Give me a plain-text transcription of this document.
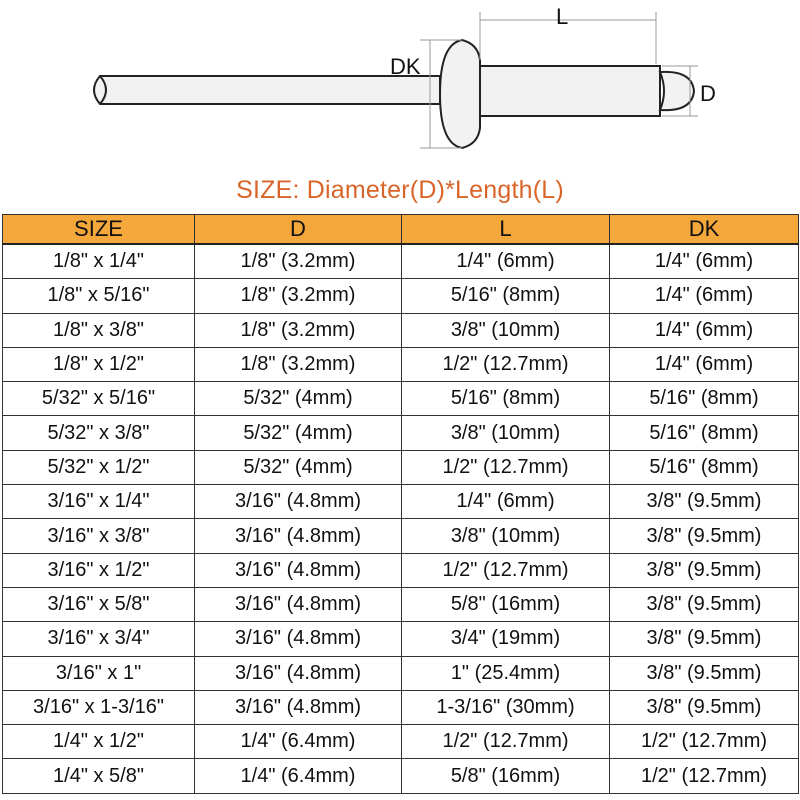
L
DK
D
SIZE: Diameter(D)*Length(L)
SIZE	D	L	DK
1/8" x 1/4"	1/8" (3.2mm)	1/4" (6mm)	1/4" (6mm)
1/8" x 5/16"	1/8" (3.2mm)	5/16" (8mm)	1/4" (6mm)
1/8" x 3/8"	1/8" (3.2mm)	3/8" (10mm)	1/4" (6mm)
1/8" x 1/2"	1/8" (3.2mm)	1/2" (12.7mm)	1/4" (6mm)
5/32" x 5/16"	5/32" (4mm)	5/16" (8mm)	5/16" (8mm)
5/32" x 3/8"	5/32" (4mm)	3/8" (10mm)	5/16" (8mm)
5/32" x 1/2"	5/32" (4mm)	1/2" (12.7mm)	5/16" (8mm)
3/16" x 1/4"	3/16" (4.8mm)	1/4" (6mm)	3/8" (9.5mm)
3/16" x 3/8"	3/16" (4.8mm)	3/8" (10mm)	3/8" (9.5mm)
3/16" x 1/2"	3/16" (4.8mm)	1/2" (12.7mm)	3/8" (9.5mm)
3/16" x 5/8"	3/16" (4.8mm)	5/8" (16mm)	3/8" (9.5mm)
3/16" x 3/4"	3/16" (4.8mm)	3/4" (19mm)	3/8" (9.5mm)
3/16" x 1"	3/16" (4.8mm)	1" (25.4mm)	3/8" (9.5mm)
3/16" x 1-3/16"	3/16" (4.8mm)	1-3/16" (30mm)	3/8" (9.5mm)
1/4" x 1/2"	1/4" (6.4mm)	1/2" (12.7mm)	1/2" (12.7mm)
1/4" x 5/8"	1/4" (6.4mm)	5/8" (16mm)	1/2" (12.7mm)
